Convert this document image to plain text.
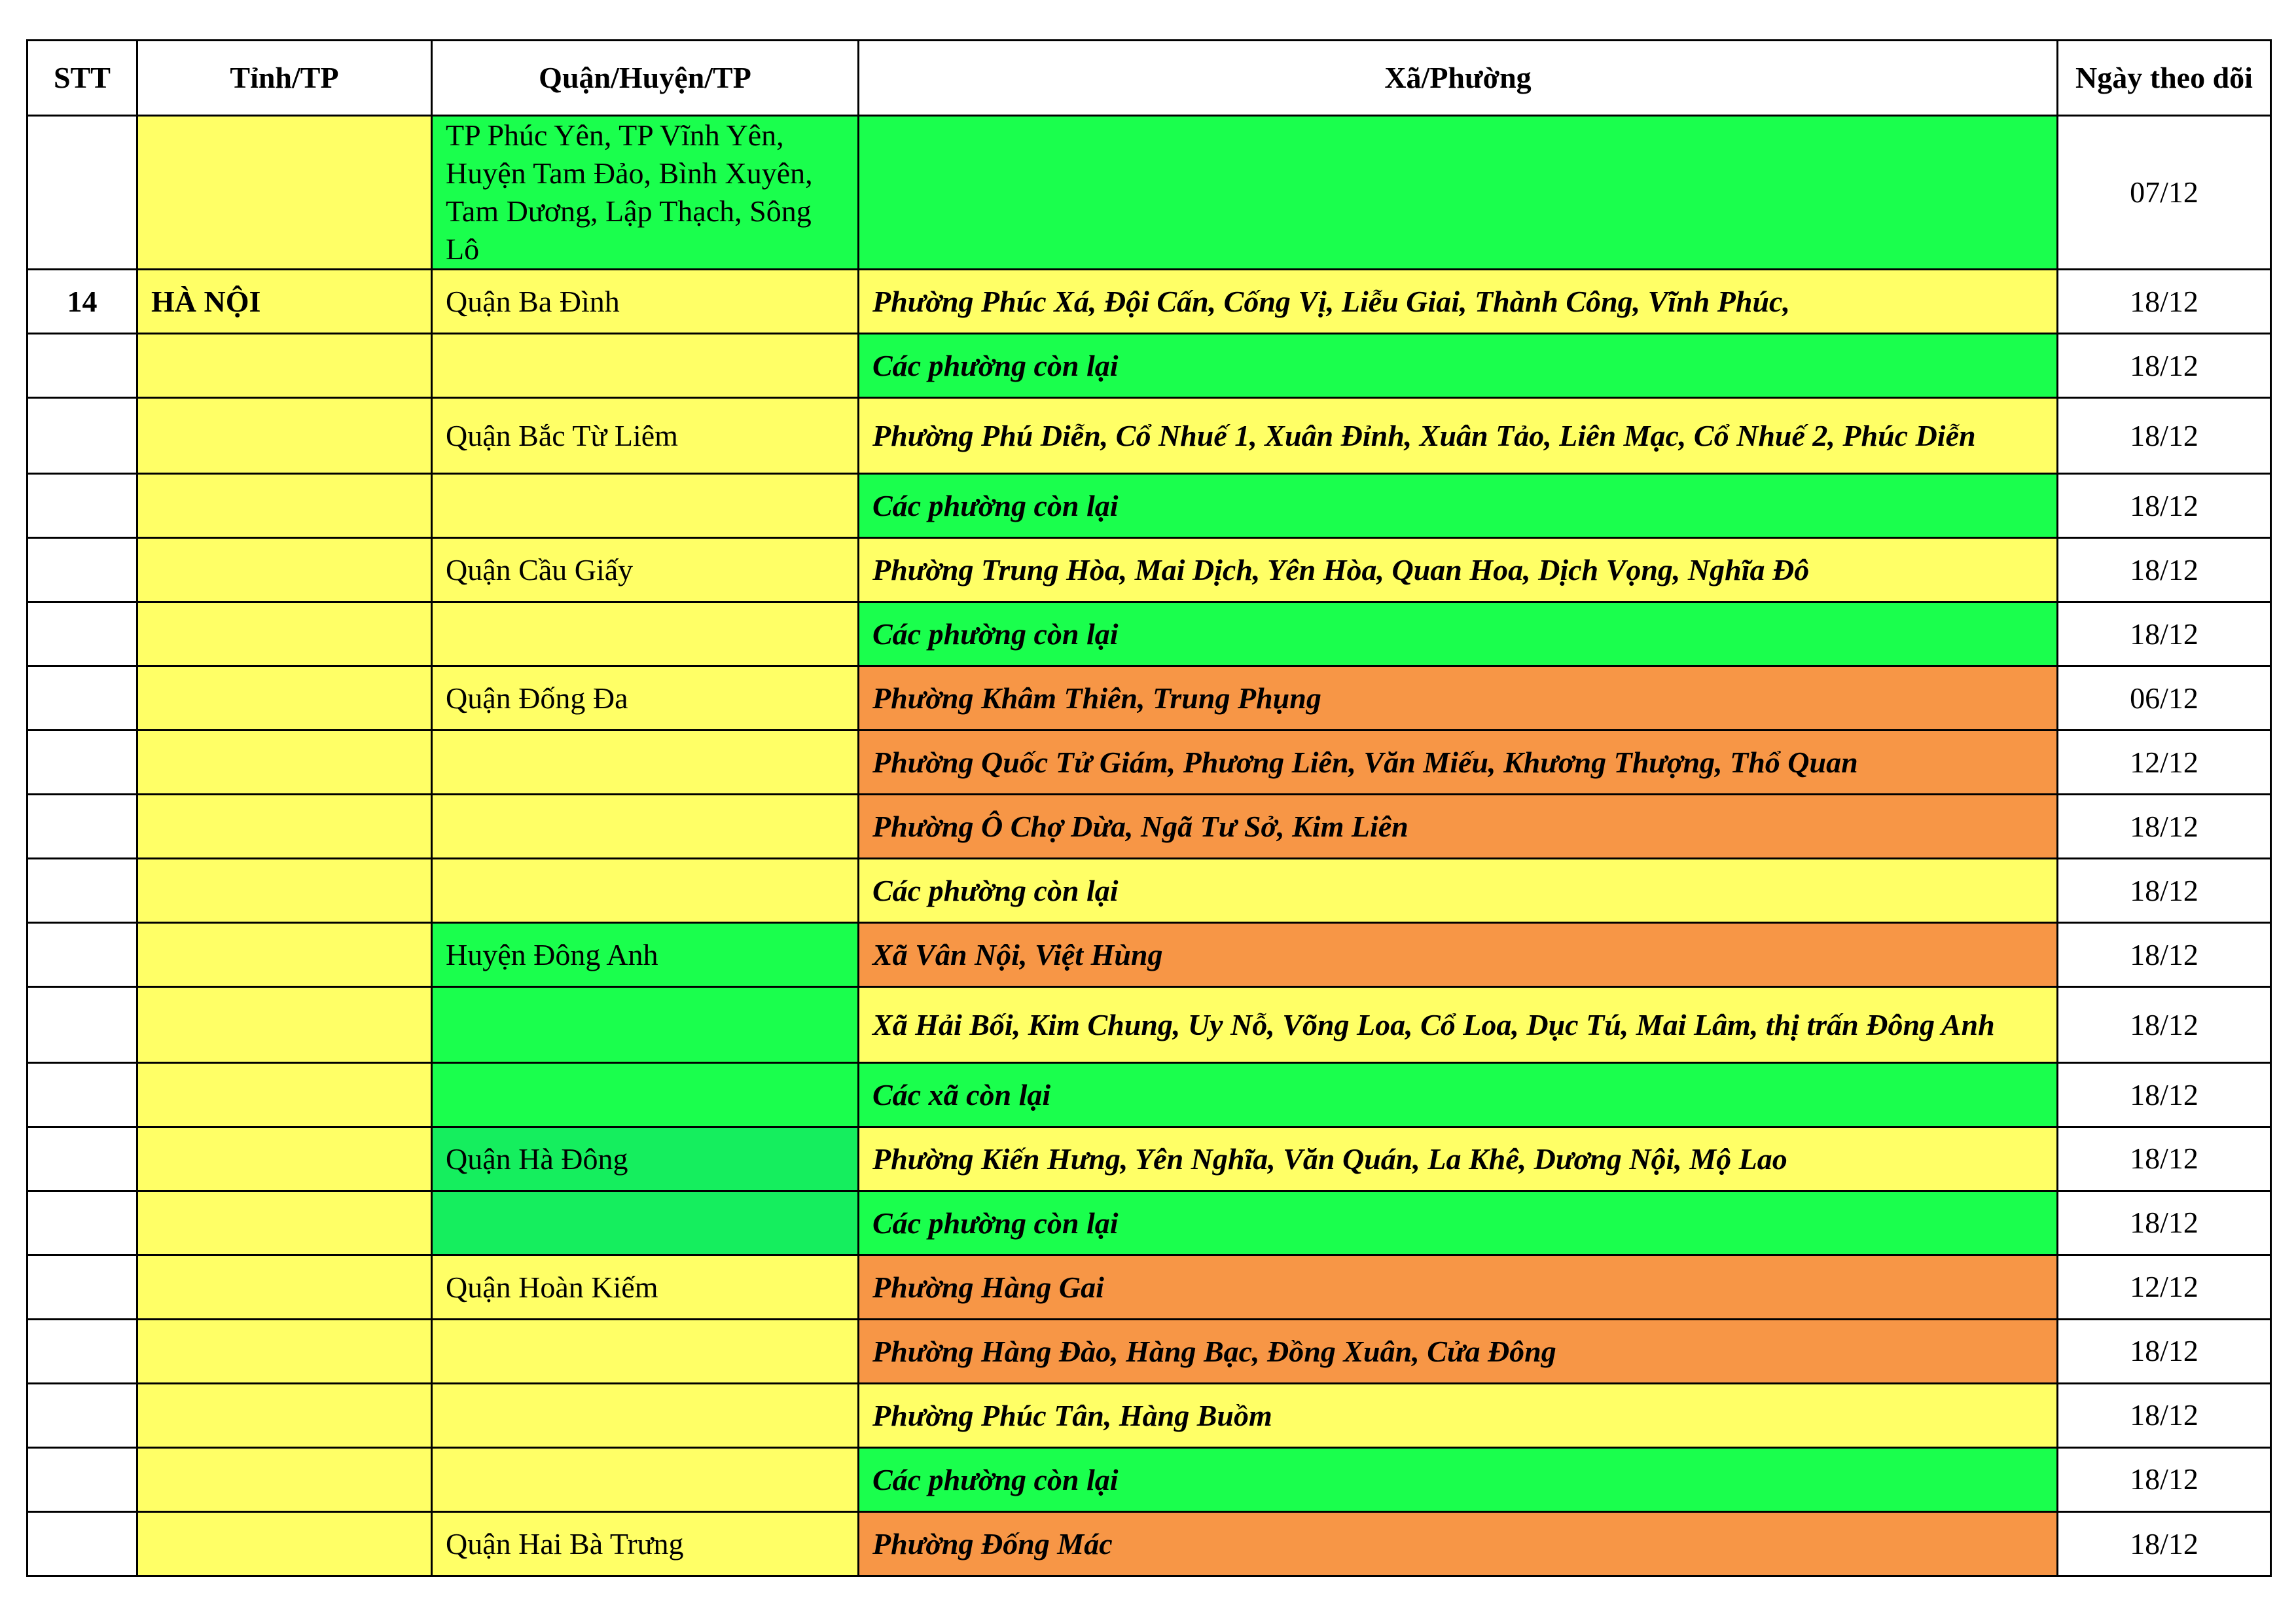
STT	Tỉnh/TP	Quận/Huyện/TP	Xã/Phường	Ngày theo dõi
		TP Phúc Yên, TP Vĩnh Yên, Huyện Tam Đảo, Bình Xuyên, Tam Dương, Lập Thạch, Sông Lô		07/12
14	HÀ NỘI	Quận Ba Đình	Phường Phúc Xá, Đội Cấn, Cống Vị, Liễu Giai, Thành Công, Vĩnh Phúc,	18/12
			Các phường còn lại	18/12
		Quận Bắc Từ Liêm	Phường Phú Diễn, Cổ Nhuế 1, Xuân Đỉnh, Xuân Tảo, Liên Mạc, Cổ Nhuế 2, Phúc Diễn	18/12
			Các phường còn lại	18/12
		Quận Cầu Giấy	Phường Trung Hòa, Mai Dịch, Yên Hòa, Quan Hoa, Dịch Vọng, Nghĩa Đô	18/12
			Các phường còn lại	18/12
		Quận Đống Đa	Phường Khâm Thiên, Trung Phụng	06/12
			Phường Quốc Tử Giám, Phương Liên, Văn Miếu, Khương Thượng, Thổ Quan	12/12
			Phường Ô Chợ Dừa, Ngã Tư Sở, Kim Liên	18/12
			Các phường còn lại	18/12
		Huyện Đông Anh	Xã Vân Nội, Việt Hùng	18/12
			Xã Hải Bối, Kim Chung, Uy Nỗ, Võng Loa, Cổ Loa, Dục Tú, Mai Lâm, thị trấn Đông Anh	18/12
			Các xã còn lại	18/12
		Quận Hà Đông	Phường Kiến Hưng, Yên Nghĩa, Văn Quán, La Khê, Dương Nội, Mộ Lao	18/12
			Các phường còn lại	18/12
		Quận Hoàn Kiếm	Phường Hàng Gai	12/12
			Phường Hàng Đào, Hàng Bạc, Đồng Xuân, Cửa Đông	18/12
			Phường Phúc Tân, Hàng Buồm	18/12
			Các phường còn lại	18/12
		Quận Hai Bà Trưng	Phường Đống Mác	18/12
